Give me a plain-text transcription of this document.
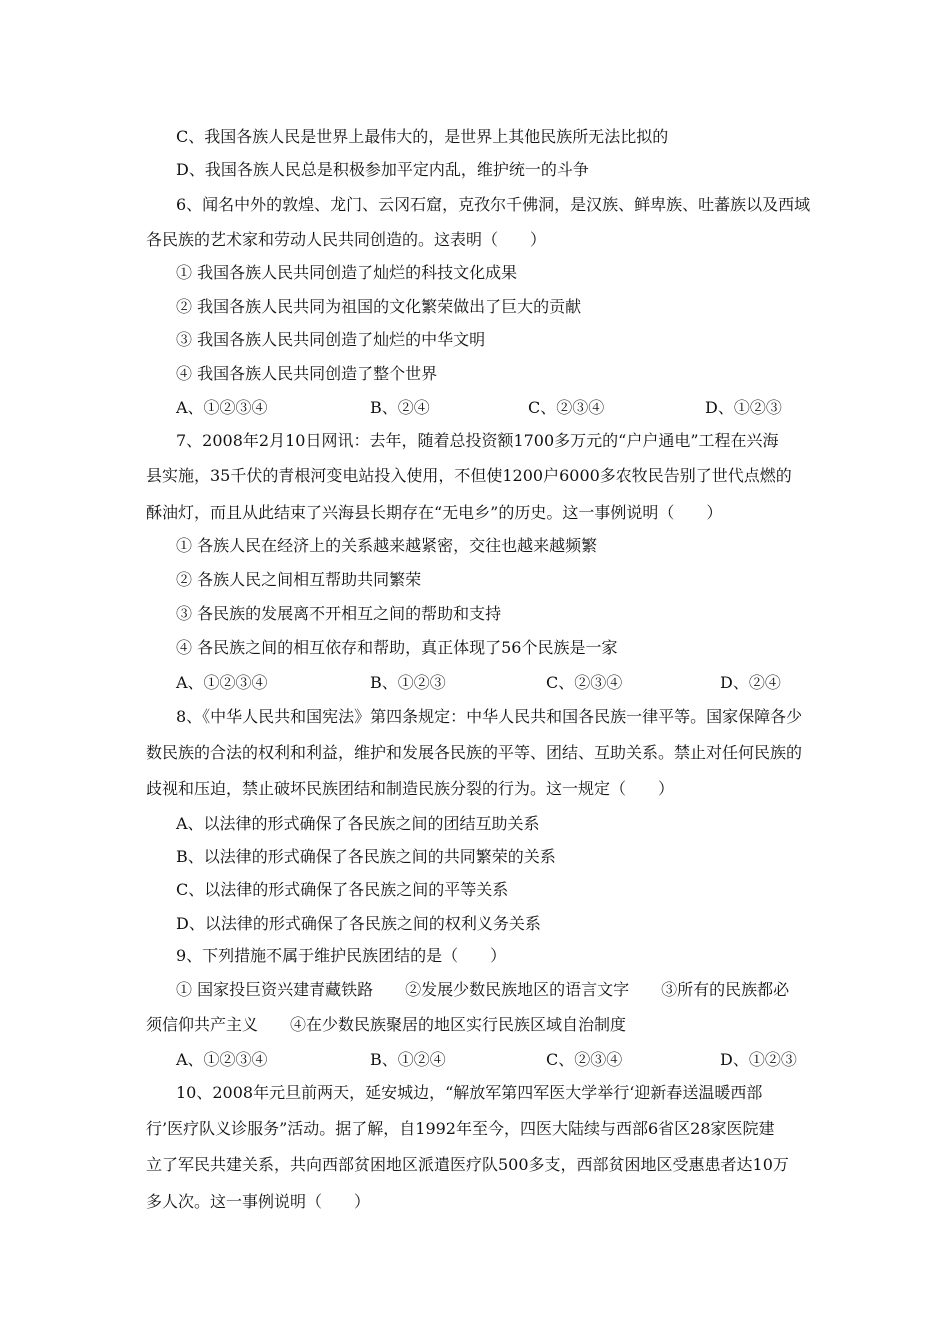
C、我国各族人民是世界上最伟大的，是世界上其他民族所无法比拟的
D、我国各族人民总是积极参加平定内乱，维护统一的斗争
6、闻名中外的敦煌、龙门、云冈石窟，克孜尔千佛洞，是汉族、鲜卑族、吐蕃族以及西域
各民族的艺术家和劳动人民共同创造的。这表明（　　）
① 我国各族人民共同创造了灿烂的科技文化成果
② 我国各族人民共同为祖国的文化繁荣做出了巨大的贡献
③ 我国各族人民共同创造了灿烂的中华文明
④ 我国各族人民共同创造了整个世界
A、①②③④	B、②④	C、②③④	D、①②③
7、2008年2月10日网讯：去年，随着总投资额1700多万元的“户户通电”工程在兴海
县实施，35千伏的青根河变电站投入使用，不但使1200户6000多农牧民告别了世代点燃的
酥油灯，而且从此结束了兴海县长期存在“无电乡”的历史。这一事例说明（　　）
① 各族人民在经济上的关系越来越紧密，交往也越来越频繁
② 各族人民之间相互帮助共同繁荣
③ 各民族的发展离不开相互之间的帮助和支持
④ 各民族之间的相互依存和帮助，真正体现了56个民族是一家
A、①②③④	B、①②③	C、②③④	D、②④
8、《中华人民共和国宪法》第四条规定：中华人民共和国各民族一律平等。国家保障各少
数民族的合法的权利和利益，维护和发展各民族的平等、团结、互助关系。禁止对任何民族的
歧视和压迫，禁止破坏民族团结和制造民族分裂的行为。这一规定（　　）
A、以法律的形式确保了各民族之间的团结互助关系
B、以法律的形式确保了各民族之间的共同繁荣的关系
C、以法律的形式确保了各民族之间的平等关系
D、以法律的形式确保了各民族之间的权利义务关系
9、下列措施不属于维护民族团结的是（　　）
① 国家投巨资兴建青藏铁路　　②发展少数民族地区的语言文字　　③所有的民族都必
须信仰共产主义　　④在少数民族聚居的地区实行民族区域自治制度
A、①②③④	B、①②④	C、②③④	D、①②③
10、2008年元旦前两天，延安城边，“解放军第四军医大学举行‘迎新春送温暖西部
行’医疗队义诊服务”活动。据了解，自1992年至今，四医大陆续与西部6省区28家医院建
立了军民共建关系，共向西部贫困地区派遣医疗队500多支，西部贫困地区受惠患者达10万
多人次。这一事例说明（　　）
